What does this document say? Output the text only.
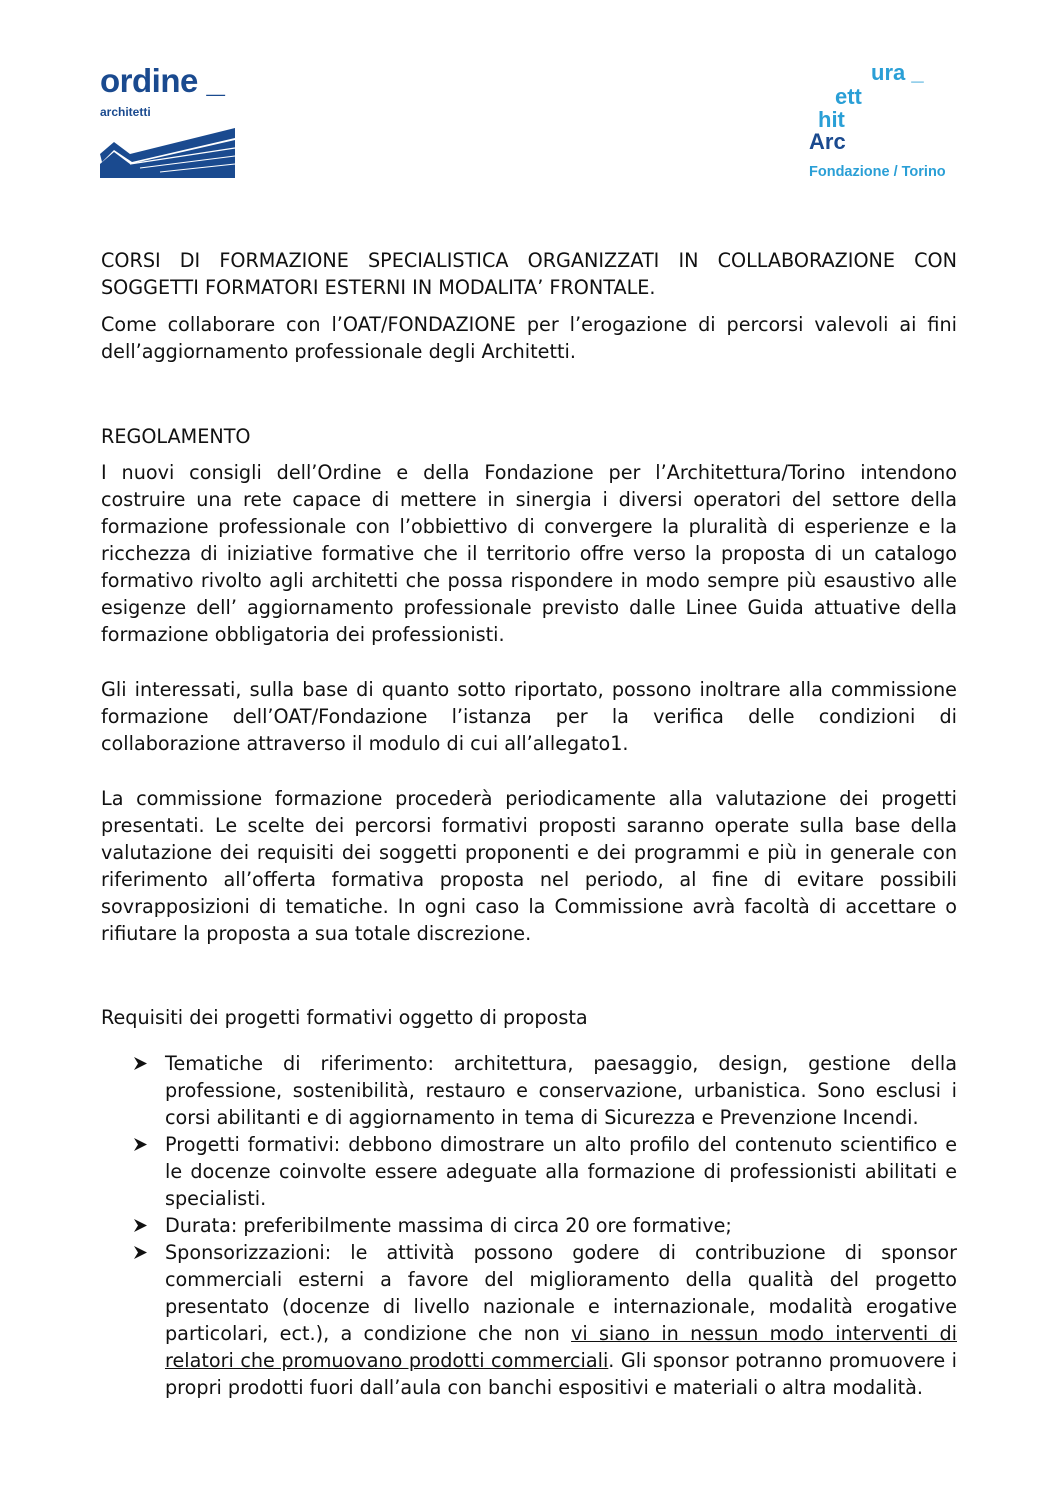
ordine _
architetti
ura _
ett
hit
Arc
Fondazione / Torino

CORSI DI FORMAZIONE SPECIALISTICA ORGANIZZATI IN COLLABORAZIONE CON SOGGETTI FORMATORI ESTERNI IN MODALITA’ FRONTALE.

Come collaborare con l’OAT/FONDAZIONE per l’erogazione di percorsi valevoli ai fini dell’aggiornamento professionale degli Architetti.

REGOLAMENTO

I nuovi consigli dell’Ordine e della Fondazione per l’Architettura/Torino intendono costruire una rete capace di mettere in sinergia i diversi operatori del settore della formazione professionale con l’obbiettivo di convergere la pluralità di esperienze e la ricchezza di iniziative formative che il territorio offre verso la proposta di un catalogo formativo rivolto agli architetti che possa rispondere in modo sempre più esaustivo alle esigenze dell’ aggiornamento professionale previsto dalle Linee Guida attuative della formazione obbligatoria dei professionisti.

Gli interessati, sulla base di quanto sotto riportato, possono inoltrare alla commissione formazione dell’OAT/Fondazione l’istanza per la verifica delle condizioni di collaborazione attraverso il modulo di cui all’allegato1.

La commissione formazione procederà periodicamente alla valutazione dei progetti presentati. Le scelte dei percorsi formativi proposti saranno operate sulla base della valutazione dei requisiti dei soggetti proponenti e dei programmi e più in generale con riferimento all’offerta formativa proposta nel periodo, al fine di evitare possibili sovrapposizioni di tematiche. In ogni caso la Commissione avrà facoltà di accettare o rifiutare la proposta a sua totale discrezione.

Requisiti dei progetti formativi oggetto di proposta

Tematiche di riferimento: architettura, paesaggio, design, gestione della professione, sostenibilità, restauro e conservazione, urbanistica. Sono esclusi i corsi abilitanti e di aggiornamento in tema di Sicurezza e Prevenzione Incendi.
Progetti formativi: debbono dimostrare un alto profilo del contenuto scientifico e le docenze coinvolte essere adeguate alla formazione di professionisti abilitati e specialisti.
Durata: preferibilmente massima di circa 20 ore formative;
Sponsorizzazioni: le attività possono godere di contribuzione di sponsor commerciali esterni a favore del miglioramento della qualità del progetto presentato (docenze di livello nazionale e internazionale, modalità erogative particolari, ect.), a condizione che non vi siano in nessun modo interventi di relatori che promuovano prodotti commerciali. Gli sponsor potranno promuovere i propri prodotti fuori dall’aula con banchi espositivi e materiali o altra modalità.
